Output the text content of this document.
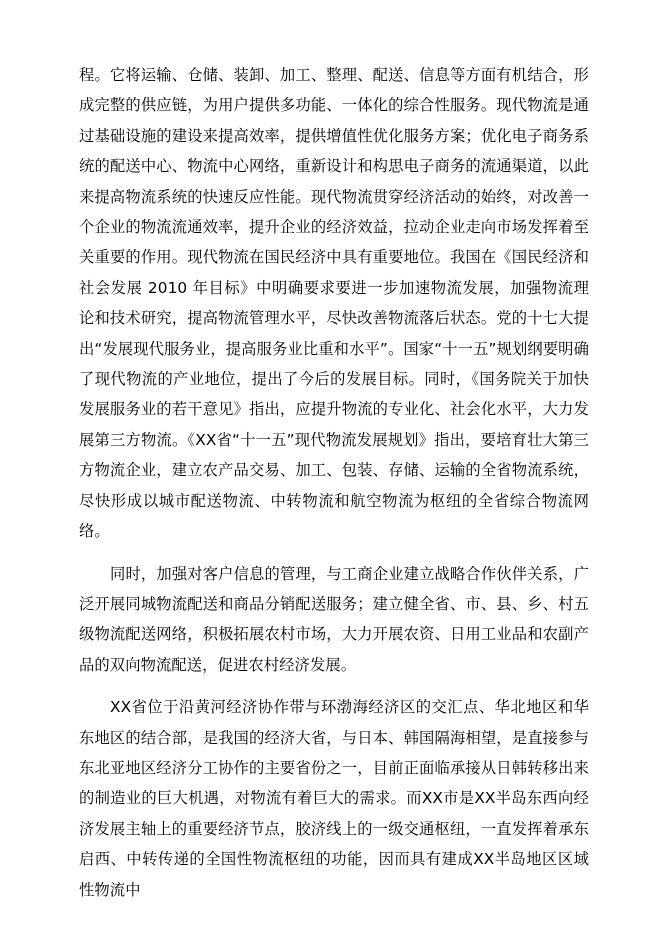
程。它将运输、仓储、装卸、加工、整理、配送、信息等方面有机结合，形成完整的供应链，为用户提供多功能、一体化的综合性服务。现代物流是通过基础设施的建设来提高效率，提供增值性优化服务方案；优化电子商务系统的配送中心、物流中心网络，重新设计和构思电子商务的流通渠道，以此来提高物流系统的快速反应性能。现代物流贯穿经济活动的始终，对改善一个企业的物流流通效率，提升企业的经济效益，拉动企业走向市场发挥着至关重要的作用。现代物流在国民经济中具有重要地位。我国在《国民经济和社会发展 2010 年目标》中明确要求要进一步加速物流发展，加强物流理论和技术研究，提高物流管理水平，尽快改善物流落后状态。党的十七大提出“发展现代服务业，提高服务业比重和水平”。国家“十一五”规划纲要明确了现代物流的产业地位，提出了今后的发展目标。同时，《国务院关于加快发展服务业的若干意见》指出，应提升物流的专业化、社会化水平，大力发展第三方物流。《XX省“十一五”现代物流发展规划》指出，要培育壮大第三方物流企业，建立农产品交易、加工、包装、存储、运输的全省物流系统，尽快形成以城市配送物流、中转物流和航空物流为枢纽的全省综合物流网络。

同时，加强对客户信息的管理，与工商企业建立战略合作伙伴关系，广泛开展同城物流配送和商品分销配送服务；建立健全省、市、县、乡、村五级物流配送网络，积极拓展农村市场，大力开展农资、日用工业品和农副产品的双向物流配送，促进农村经济发展。

XX省位于沿黄河经济协作带与环渤海经济区的交汇点、华北地区和华东地区的结合部，是我国的经济大省，与日本、韩国隔海相望，是直接参与东北亚地区经济分工协作的主要省份之一，目前正面临承接从日韩转移出来的制造业的巨大机遇，对物流有着巨大的需求。而XX市是XX半岛东西向经济发展主轴上的重要经济节点，胶济线上的一级交通枢纽，一直发挥着承东启西、中转传递的全国性物流枢纽的功能，因而具有建成XX半岛地区区域性物流中
